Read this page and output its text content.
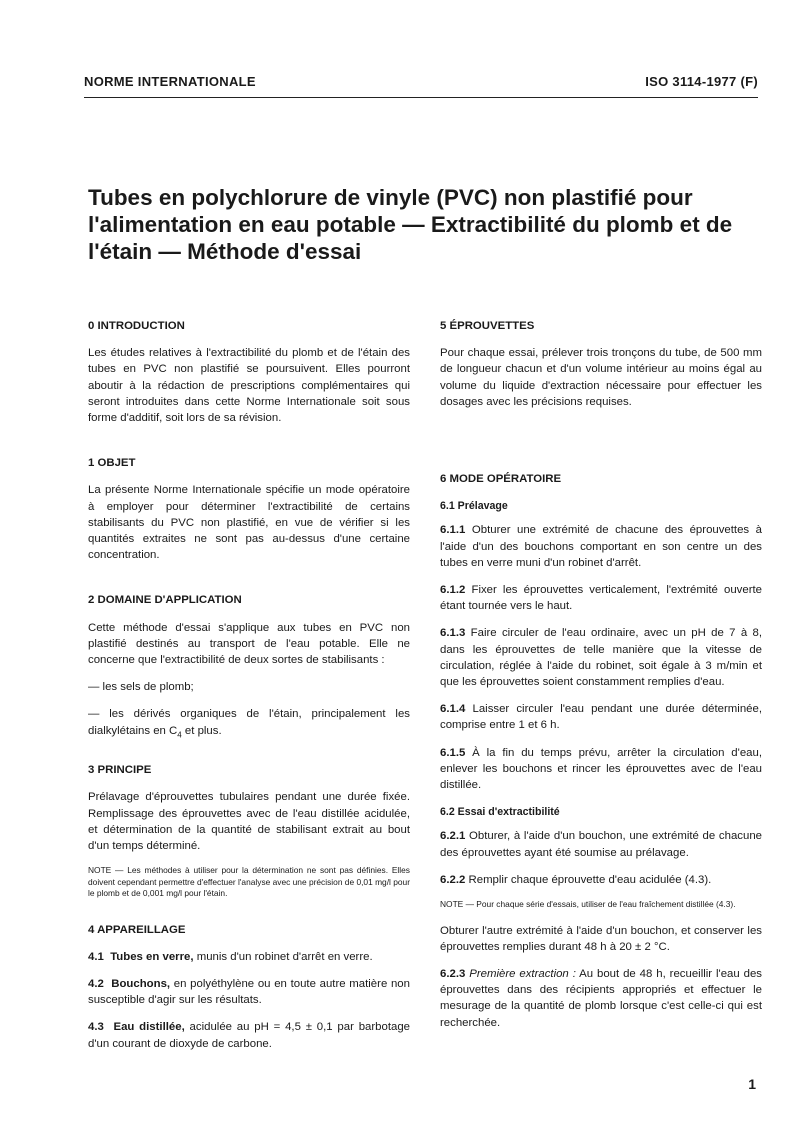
NORME INTERNATIONALE	ISO 3114-1977 (F)
Tubes en polychlorure de vinyle (PVC) non plastifié pour l'alimentation en eau potable — Extractibilité du plomb et de l'étain — Méthode d'essai
0 INTRODUCTION

Les études relatives à l'extractibilité du plomb et de l'étain des tubes en PVC non plastifié se poursuivent. Elles pourront aboutir à la rédaction de prescriptions complémentaires qui seront introduites dans cette Norme Internationale soit sous forme d'additif, soit lors de sa révision.

1 OBJET

La présente Norme Internationale spécifie un mode opératoire à employer pour déterminer l'extractibilité de certains stabilisants du PVC non plastifié, en vue de vérifier si les quantités extraites ne sont pas au-dessus d'une certaine concentration.

2 DOMAINE D'APPLICATION

Cette méthode d'essai s'applique aux tubes en PVC non plastifié destinés au transport de l'eau potable. Elle ne concerne que l'extractibilité de deux sortes de stabilisants :

— les sels de plomb;

— les dérivés organiques de l'étain, principalement les dialkylétains en $C_4$ et plus.

3 PRINCIPE

Prélavage d'éprouvettes tubulaires pendant une durée fixée. Remplissage des éprouvettes avec de l'eau distillée acidulée, et détermination de la quantité de stabilisant extrait au bout d'un temps déterminé.

NOTE — Les méthodes à utiliser pour la détermination ne sont pas définies. Elles doivent cependant permettre d'effectuer l'analyse avec une précision de 0,01 mg/l pour le plomb et de 0,001 mg/l pour l'étain.
4 APPAREILLAGE

4.1 Tubes en verre, munis d'un robinet d'arrêt en verre.

4.2 Bouchons, en polyéthylène ou en toute autre matière non susceptible d'agir sur les résultats.

4.3 Eau distillée, acidulée au pH = 4,5 ± 0,1 par barbotage d'un courant de dioxyde de carbone.

5 ÉPROUVETTES

Pour chaque essai, prélever trois tronçons du tube, de 500 mm de longueur chacun et d'un volume intérieur au moins égal au volume du liquide d'extraction nécessaire pour effectuer les dosages avec les précisions requises.

6 MODE OPÉRATOIRE
6.1 Prélavage

6.1.1 Obturer une extrémité de chacune des éprouvettes à l'aide d'un des bouchons comportant en son centre un des tubes en verre muni d'un robinet d'arrêt.

6.1.2 Fixer les éprouvettes verticalement, l'extrémité ouverte étant tournée vers le haut.

6.1.3 Faire circuler de l'eau ordinaire, avec un pH de 7 à 8, dans les éprouvettes de telle manière que la vitesse de circulation, réglée à l'aide du robinet, soit égale à 3 m/min et que les éprouvettes soient constamment remplies d'eau.

6.1.4 Laisser circuler l'eau pendant une durée déterminée, comprise entre 1 et 6 h.

6.1.5 À la fin du temps prévu, arrêter la circulation d'eau, enlever les bouchons et rincer les éprouvettes avec de l'eau distillée.

6.2 Essai d'extractibilité

6.2.1 Obturer, à l'aide d'un bouchon, une extrémité de chacune des éprouvettes ayant été soumise au prélavage.

6.2.2 Remplir chaque éprouvette d'eau acidulée (4.3).

NOTE — Pour chaque série d'essais, utiliser de l'eau fraîchement distillée (4.3).

Obturer l'autre extrémité à l'aide d'un bouchon, et conserver les éprouvettes remplies durant 48 h à 20 ± 2 °C.

6.2.3 Première extraction : Au bout de 48 h, recueillir l'eau des éprouvettes dans des récipients appropriés et effectuer le mesurage de la quantité de plomb lorsque c'est celle-ci qui est recherchée.

1
